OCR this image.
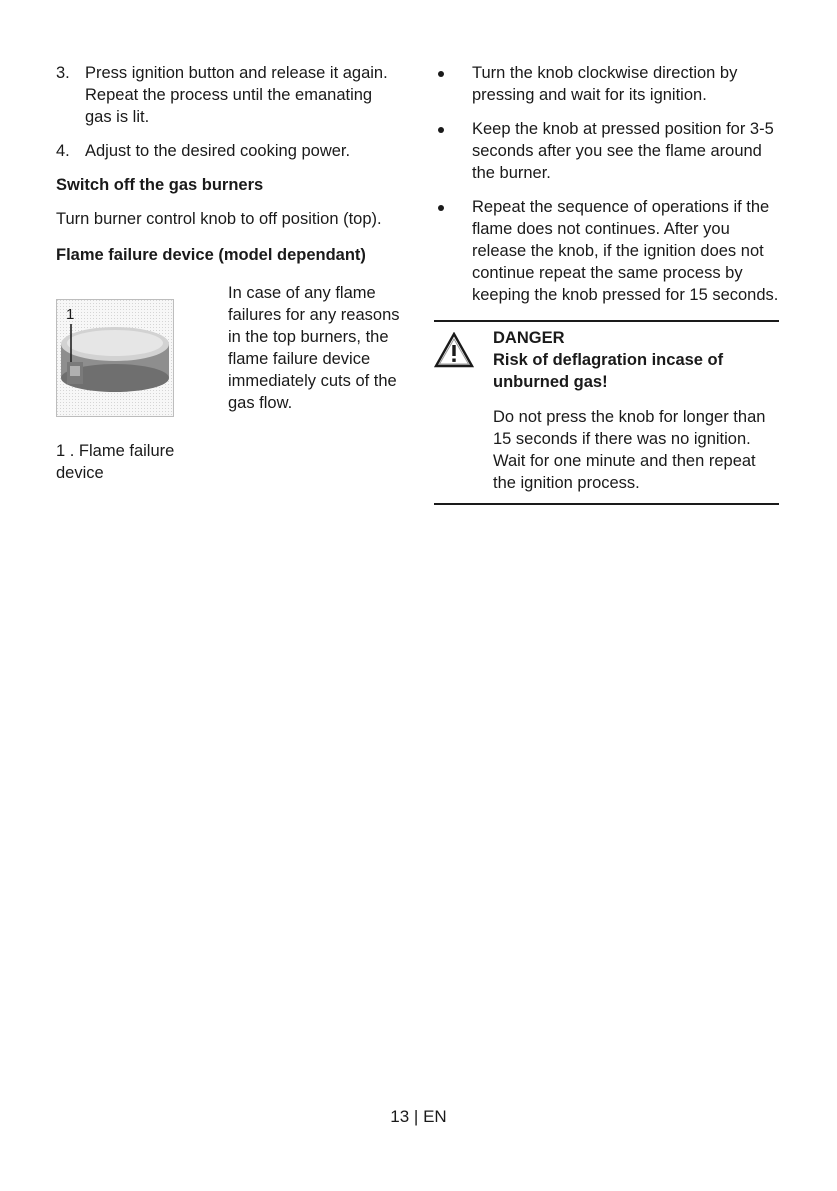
3. Press ignition button and release it again. Repeat the process until the emanating gas is lit.
4. Adjust to the desired cooking power.
Switch off the gas burners

Turn burner control knob to off position (top).

Flame failure device (model dependant)
1

In case of any flame failures for any reasons in the top burners, the flame failure device immediately cuts of the gas flow.

1 . Flame failure device

Turn the knob clockwise direction by pressing and wait for its ignition.
Keep the knob at pressed position for 3-5 seconds after you see the flame around the burner.
Repeat the sequence of operations if the flame does not continues. After you release the knob, if the ignition does not continue repeat the same process by keeping the knob pressed for 15 seconds.
DANGER
Risk of deflagration incase of unburned gas!
Do not press the knob for longer than 15 seconds if there was no ignition.
Wait for one minute and then repeat the ignition process.
13 | EN
